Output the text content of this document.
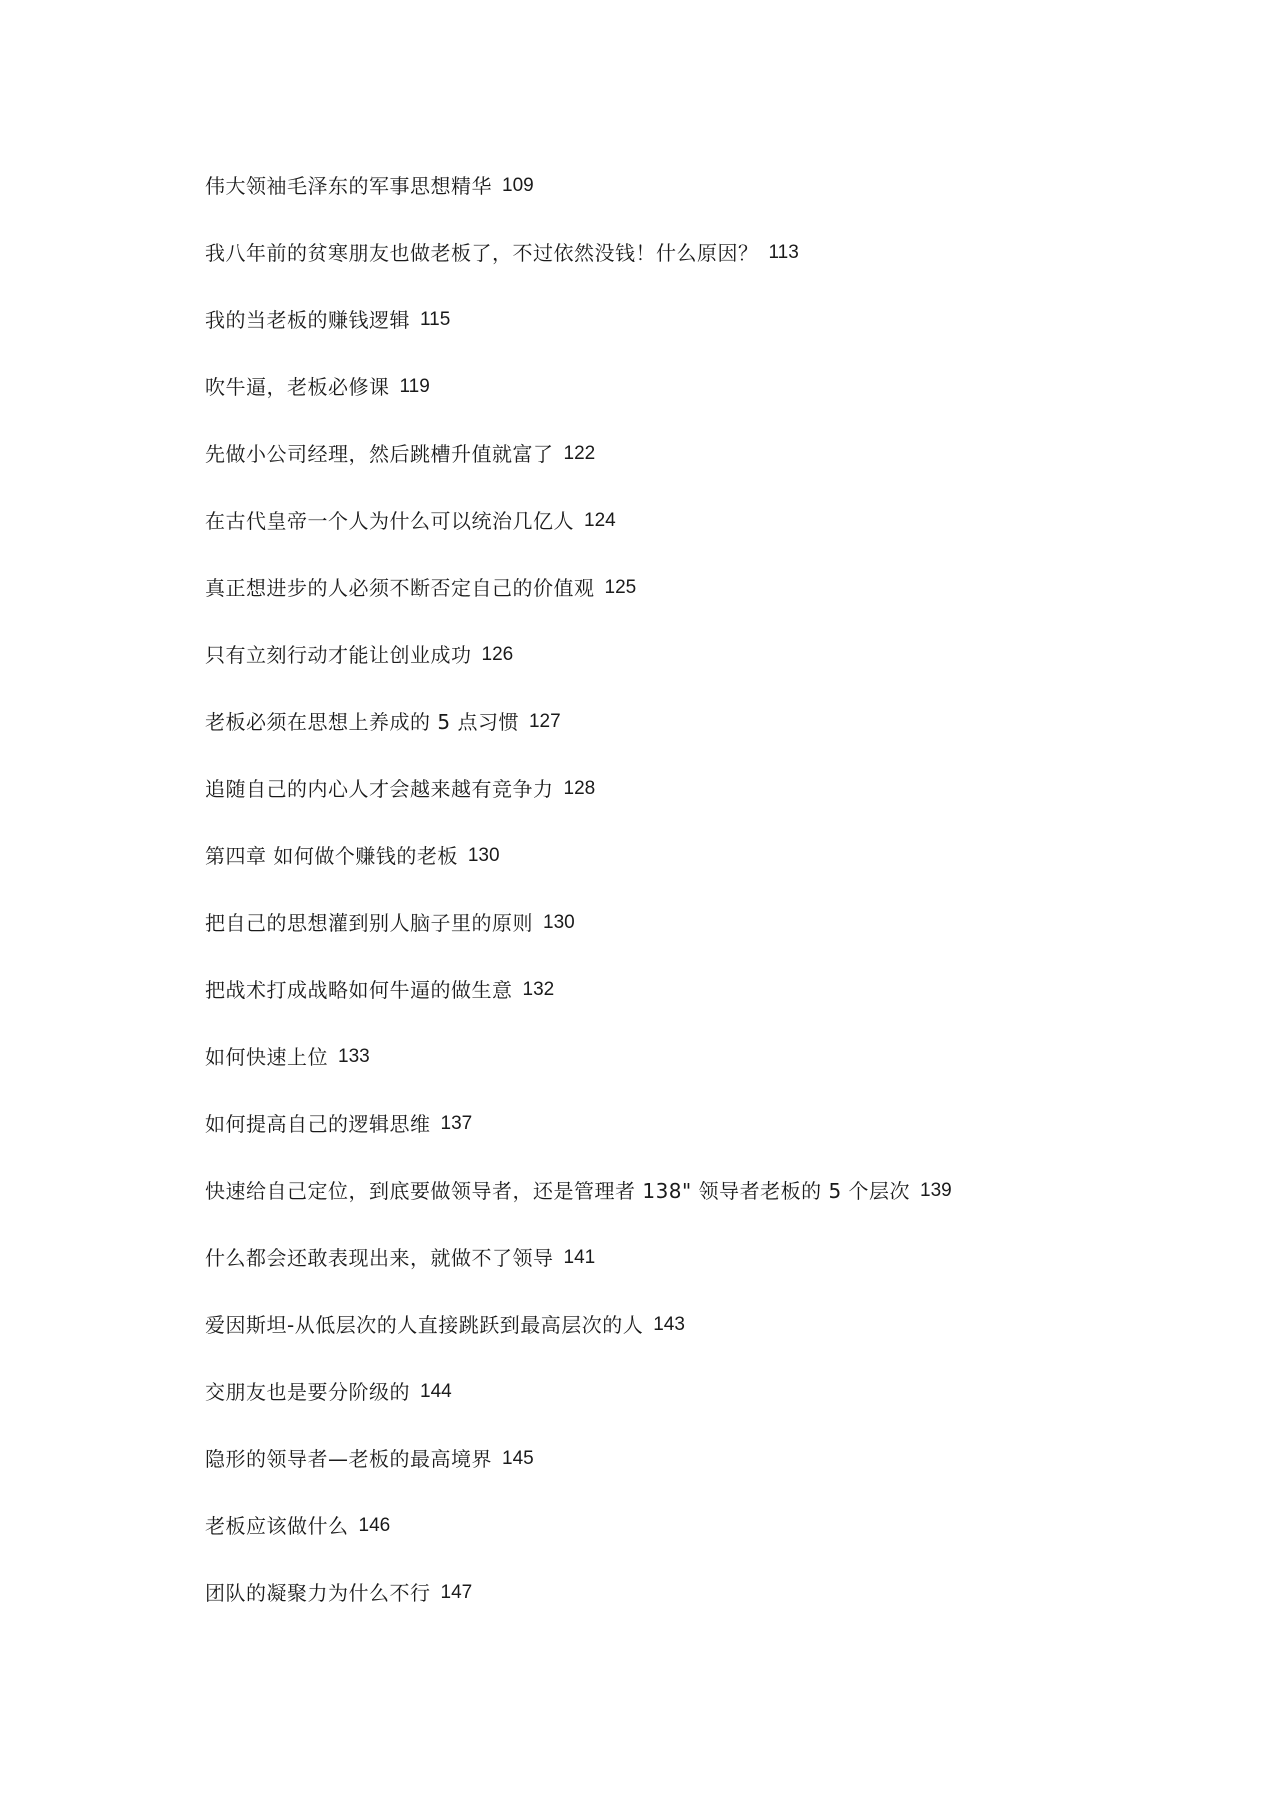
伟大领袖毛泽东的军事思想精华 109
我八年前的贫寒朋友也做老板了，不过依然没钱！什么原因？ 113
我的当老板的赚钱逻辑 115
吹牛逼，老板必修课 119
先做小公司经理，然后跳槽升值就富了 122
在古代皇帝一个人为什么可以统治几亿人 124
真正想进步的人必须不断否定自己的价值观 125
只有立刻行动才能让创业成功 126
老板必须在思想上养成的 5 点习惯 127
追随自己的内心人才会越来越有竞争力 128
第四章 如何做个赚钱的老板 130
把自己的思想灌到别人脑子里的原则 130
把战术打成战略如何牛逼的做生意 132
如何快速上位 133
如何提高自己的逻辑思维 137
快速给自己定位，到底要做领导者，还是管理者 138" 领导者老板的 5 个层次 139
什么都会还敢表现出来，就做不了领导 141
爱因斯坦-从低层次的人直接跳跃到最高层次的人 143
交朋友也是要分阶级的 144
隐形的领导者—老板的最高境界 145
老板应该做什么 146
团队的凝聚力为什么不行 147
